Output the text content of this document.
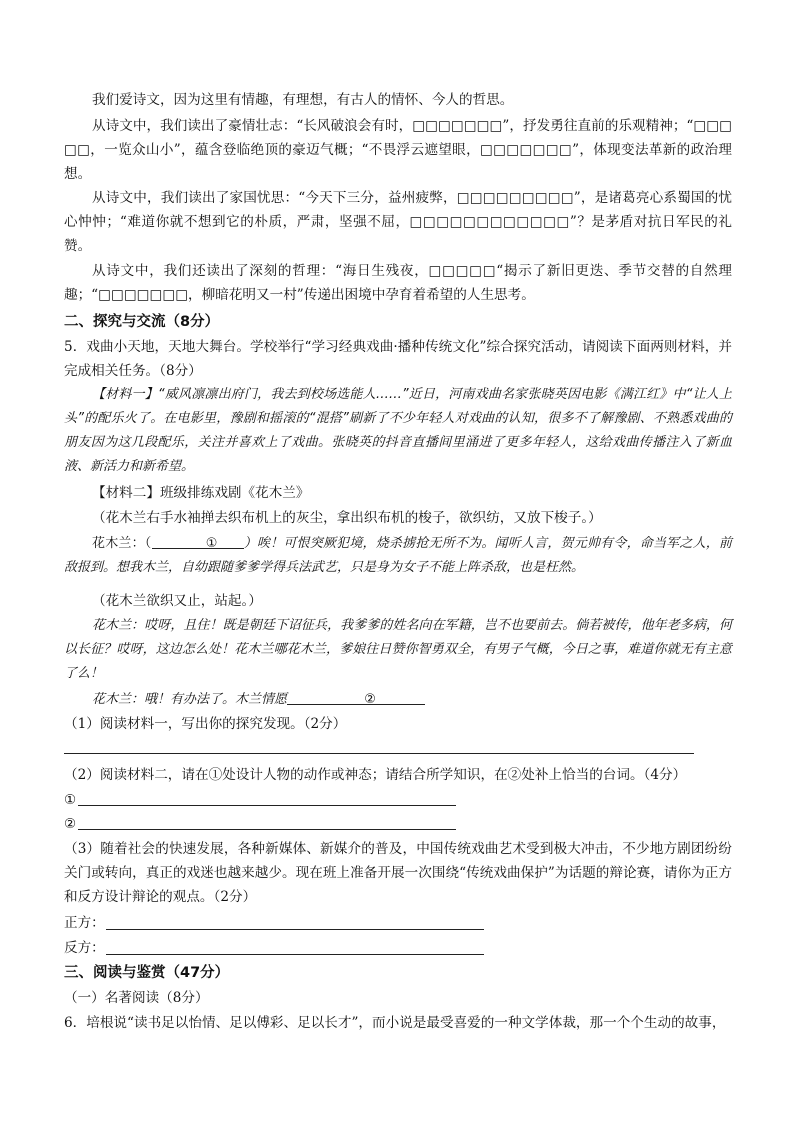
我们爱诗文，因为这里有情趣，有理想，有古人的情怀、今人的哲思。
从诗文中，我们读出了豪情壮志：“长风破浪会有时，□□□□□□□”，抒发勇往直前的乐观精神；“□□□□□，一览众山小”，蕴含登临绝顶的豪迈气概；“不畏浮云遮望眼，□□□□□□□”，体现变法革新的政治理想。
从诗文中，我们读出了家国忧思：“今天下三分，益州疲弊，□□□□□□□□□”，是诸葛亮心系蜀国的忧心忡忡；“难道你就不想到它的朴质，严肃，坚强不屈，□□□□□□□□□□□□”？是茅盾对抗日军民的礼赞。
从诗文中，我们还读出了深刻的哲理：“海日生残夜，□□□□□“揭示了新旧更迭、季节交替的自然理趣；“□□□□□□□，柳暗花明又一村”传递出困境中孕育着希望的人生思考。
二、探究与交流（8分）
5．戏曲小天地，天地大舞台。学校举行“学习经典戏曲·播种传统文化”综合探究活动，请阅读下面两则材料，并完成相关任务。（8分）
【材料一】“威风凛凛出府门，我去到校场选能人……”近日，河南戏曲名家张晓英因电影《满江红》中“让人上头”的配乐火了。在电影里，豫剧和摇滚的“混搭”刷新了不少年轻人对戏曲的认知，很多不了解豫剧、不熟悉戏曲的朋友因为这几段配乐，关注并喜欢上了戏曲。张晓英的抖音直播间里涌进了更多年轻人，这给戏曲传播注入了新血液、新活力和新希望。
【材料二】班级排练戏剧《花木兰》
（花木兰右手水袖掸去织布机上的灰尘，拿出织布机的梭子，欲织纺，又放下梭子。）
花木兰：（	① ）唉！可恨突厥犯境，烧杀掳抢无所不为。闻听人言，贺元帅有令，命当军之人，前敌报到。想我木兰，自幼跟随爹爹学得兵法武艺，只是身为女子不能上阵杀敌，也是枉然。
（花木兰欲织又止，站起。）
花木兰：哎呀，且住！既是朝廷下诏征兵，我爹爹的姓名向在军籍，岂不也要前去。倘若被传，他年老多病，何以长征？哎呀，这边怎么处！花木兰哪花木兰，爹娘往日赞你智勇双全，有男子气概，今日之事，难道你就无有主意了么！
花木兰：哦！有办法了。木兰情愿	②
（1）阅读材料一，写出你的探究发现。（2分）
（2）阅读材料二，请在①处设计人物的动作或神态；请结合所学知识，在②处补上恰当的台词。（4分）
①
②
（3）随着社会的快速发展，各种新媒体、新媒介的普及，中国传统戏曲艺术受到极大冲击，不少地方剧团纷纷关门或转向，真正的戏迷也越来越少。现在班上准备开展一次围绕“传统戏曲保护”为话题的辩论赛，请你为正方和反方设计辩论的观点。（2分）
正方：
反方：
三、阅读与鉴赏（47分）
（一）名著阅读（8分）
6．培根说“读书足以怡情、足以傅彩、足以长才”，而小说是最受喜爱的一种文学体裁，那一个个生动的故事，
